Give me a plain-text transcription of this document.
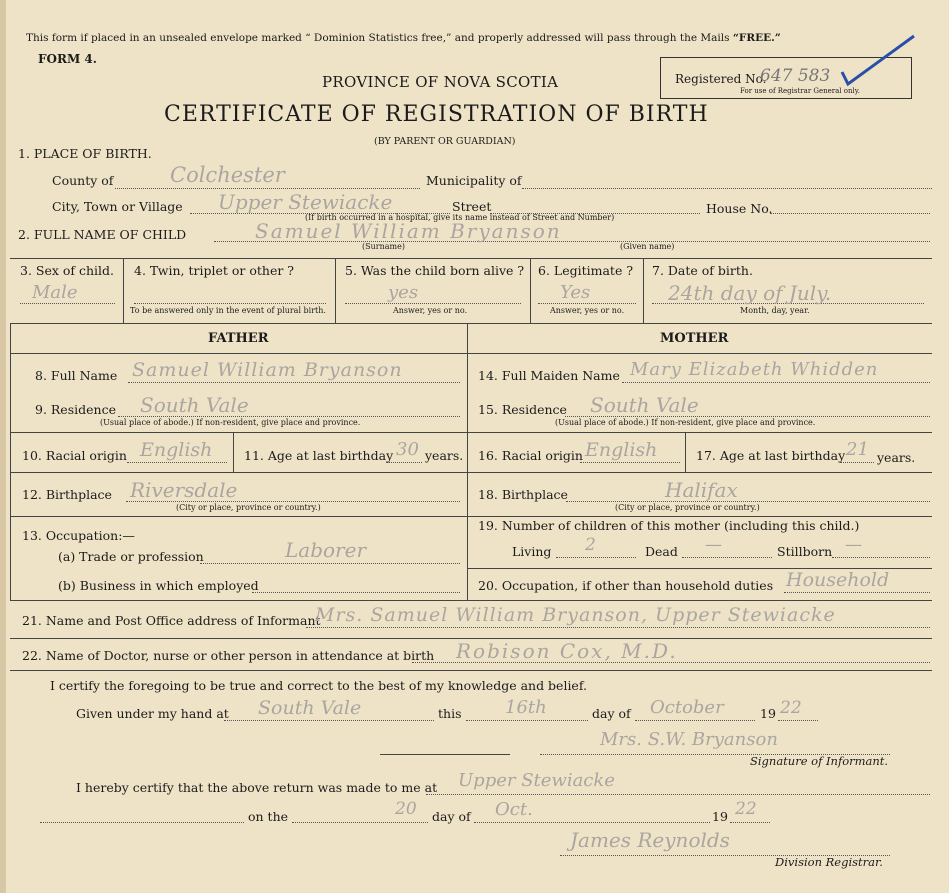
This form if placed in an unsealed envelope marked “ Dominion Statistics free,” and properly addressed will pass through the Mails “FREE.”
FORM 4.
PROVINCE OF NOVA SCOTIA
CERTIFICATE OF REGISTRATION OF BIRTH
(BY PARENT OR GUARDIAN)
Registered No.
647 583
For use of Registrar General only.
1. PLACE OF BIRTH.
County of	Colchester	Municipality of
City, Town or Village Upper Stewiacke	Street	House No.
(If birth occurred in a hospital, give its name instead of Street and Number)
2. FULL NAME OF CHILD	Samuel William Bryanson
(Surname)	(Given name)
3. Sex of child.
Male
4. Twin, triplet or other ?
To be answered only in the event of plural birth.
5. Was the child born alive ?
yes
Answer, yes or no.
6. Legitimate ?
Yes
Answer, yes or no.
7. Date of birth.
24th day of July.
Month, day, year.
FATHER	MOTHER
8. Full Name Samuel William Bryanson
9. Residence South Vale
(Usual place of abode.) If non-resident, give place and province.
10. Racial origin English	11. Age at last birthday 30 years.
12. Birthplace Riversdale
(City or place, province or country.)
13. Occupation:—
(a) Trade or profession	Laborer
(b) Business in which employed
14. Full Maiden Name Mary Elizabeth Whidden
15. Residence South Vale
(Usual place of abode.) If non-resident, give place and province.
16. Racial origin English	17. Age at last birthday 21 years.
18. Birthplace	Halifax
(City or place, province or country.)
19. Number of children of this mother (including this child.)
Living 2	Dead —	Stillborn —
20. Occupation, if other than household duties Household
21. Name and Post Office address of Informant
Mrs. Samuel William Bryanson, Upper Stewiacke
22. Name of Doctor, nurse or other person in attendance at birth Robison Cox, M.D.
I certify the foregoing to be true and correct to the best of my knowledge and belief.
Given under my hand at South Vale	this 16th	day of October	19 22
Mrs. S.W. Bryanson
Signature of Informant.
I hereby certify that the above return was made to me at Upper Stewiacke
on the	20 day of Oct.	19 22
James Reynolds
Division Registrar.
